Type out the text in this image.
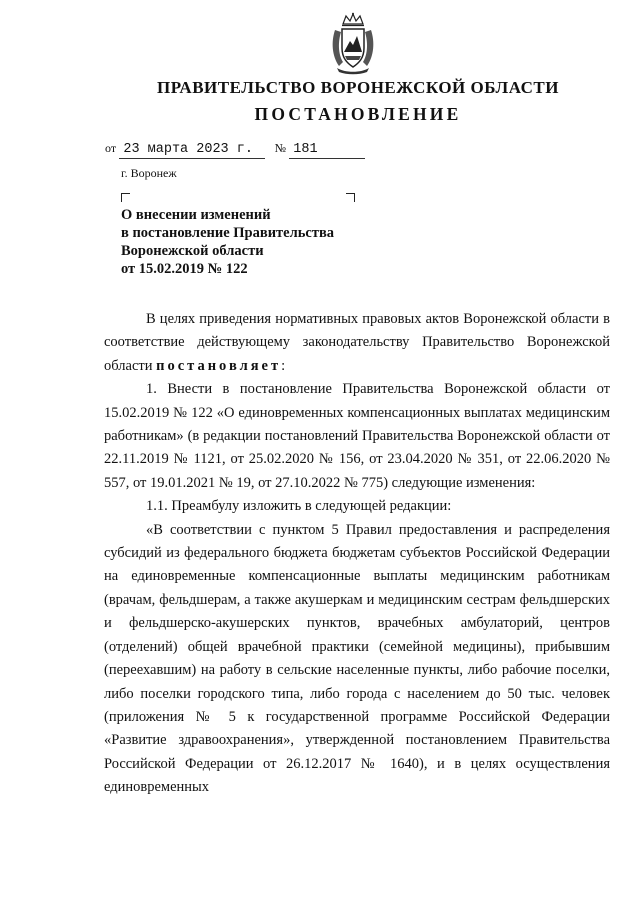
ПРАВИТЕЛЬСТВО ВОРОНЕЖСКОЙ ОБЛАСТИ
ПОСТАНОВЛЕНИЕ
от 23 марта 2023 г. № 181
г. Воронеж
О внесении изменений
в постановление Правительства
Воронежской области
от 15.02.2019 № 122

В целях приведения нормативных правовых актов Воронежской области в соответствие действующему законодательству Правительство Воронежской области постановляет:

1. Внести в постановление Правительства Воронежской области от 15.02.2019 № 122 «О единовременных компенсационных выплатах медицинским работникам» (в редакции постановлений Правительства Воронежской области от 22.11.2019 № 1121, от 25.02.2020 № 156, от 23.04.2020 № 351, от 22.06.2020 № 557, от 19.01.2021 № 19, от 27.10.2022 № 775) следующие изменения:

1.1. Преамбулу изложить в следующей редакции:

«В соответствии с пунктом 5 Правил предоставления и распределения субсидий из федерального бюджета бюджетам субъектов Российской Федерации на единовременные компенсационные выплаты медицинским работникам (врачам, фельдшерам, а также акушеркам и медицинским сестрам фельдшерских и фельдшерско-акушерских пунктов, врачебных амбулаторий, центров (отделений) общей врачебной практики (семейной медицины), прибывшим (переехавшим) на работу в сельские населенные пункты, либо рабочие поселки, либо поселки городского типа, либо города с населением до 50 тыс. человек (приложения № 5 к государственной программе Российской Федерации «Развитие здравоохранения», утвержденной постановлением Правительства Российской Федерации от 26.12.2017 № 1640), и в целях осуществления единовременных
